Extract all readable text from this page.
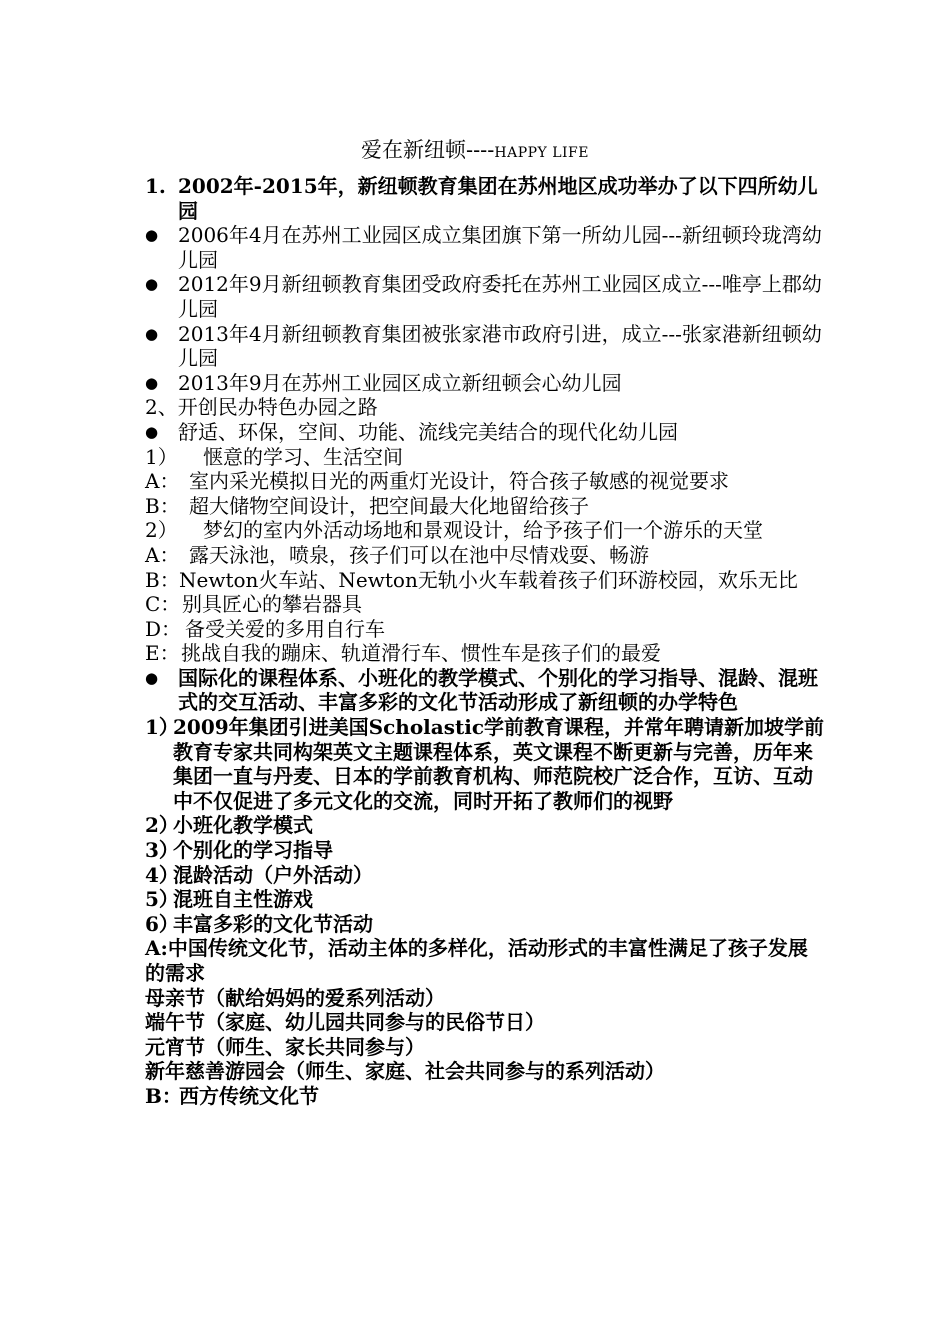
爱在新纽顿----HAPPY LIFE
1. 2002年-2015年，新纽顿教育集团在苏州地区成功举办了以下四所幼儿园
● 2006年4月在苏州工业园区成立集团旗下第一所幼儿园---新纽顿玲珑湾幼儿园
● 2012年9月新纽顿教育集团受政府委托在苏州工业园区成立---唯亭上郡幼儿园
● 2013年4月新纽顿教育集团被张家港市政府引进，成立---张家港新纽顿幼儿园
● 2013年9月在苏州工业园区成立新纽顿会心幼儿园

2、开创民办特色办园之路

● 舒适、环保，空间、功能、流线完美结合的现代化幼儿园
1）	惬意的学习、生活空间
A： 室内采光模拟日光的两重灯光设计，符合孩子敏感的视觉要求
B： 超大储物空间设计，把空间最大化地留给孩子
2）	梦幻的室内外活动场地和景观设计，给予孩子们一个游乐的天堂
A： 露天泳池，喷泉，孩子们可以在池中尽情戏耍、畅游
B： Newton火车站、Newton无轨小火车载着孩子们环游校园，欢乐无比
C： 别具匠心的攀岩器具
D： 备受关爱的多用自行车
E： 挑战自我的蹦床、轨道滑行车、惯性车是孩子们的最爱
● 国际化的课程体系、小班化的教学模式、个别化的学习指导、混龄、混班式的交互活动、丰富多彩的文化节活动形成了新纽顿的办学特色
1）
2009年集团引进美国Scholastic学前教育课程，并常年聘请新加坡学前教育专家共同构架英文主题课程体系，英文课程不断更新与完善，历年来集团一直与丹麦、日本的学前教育机构、师范院校广泛合作，互访、互动中不仅促进了多元文化的交流，同时开拓了教师们的视野
2）
小班化教学模式
3）
个别化的学习指导
4）
混龄活动（户外活动）
5）
混班自主性游戏
6）
丰富多彩的文化节活动

A:中国传统文化节，活动主体的多样化，活动形式的丰富性满足了孩子发展的需求

母亲节（献给妈妈的爱系列活动）

端午节（家庭、幼儿园共同参与的民俗节日）

元宵节（师生、家长共同参与）

新年慈善游园会（师生、家庭、社会共同参与的系列活动）

B：
西方传统文化节
